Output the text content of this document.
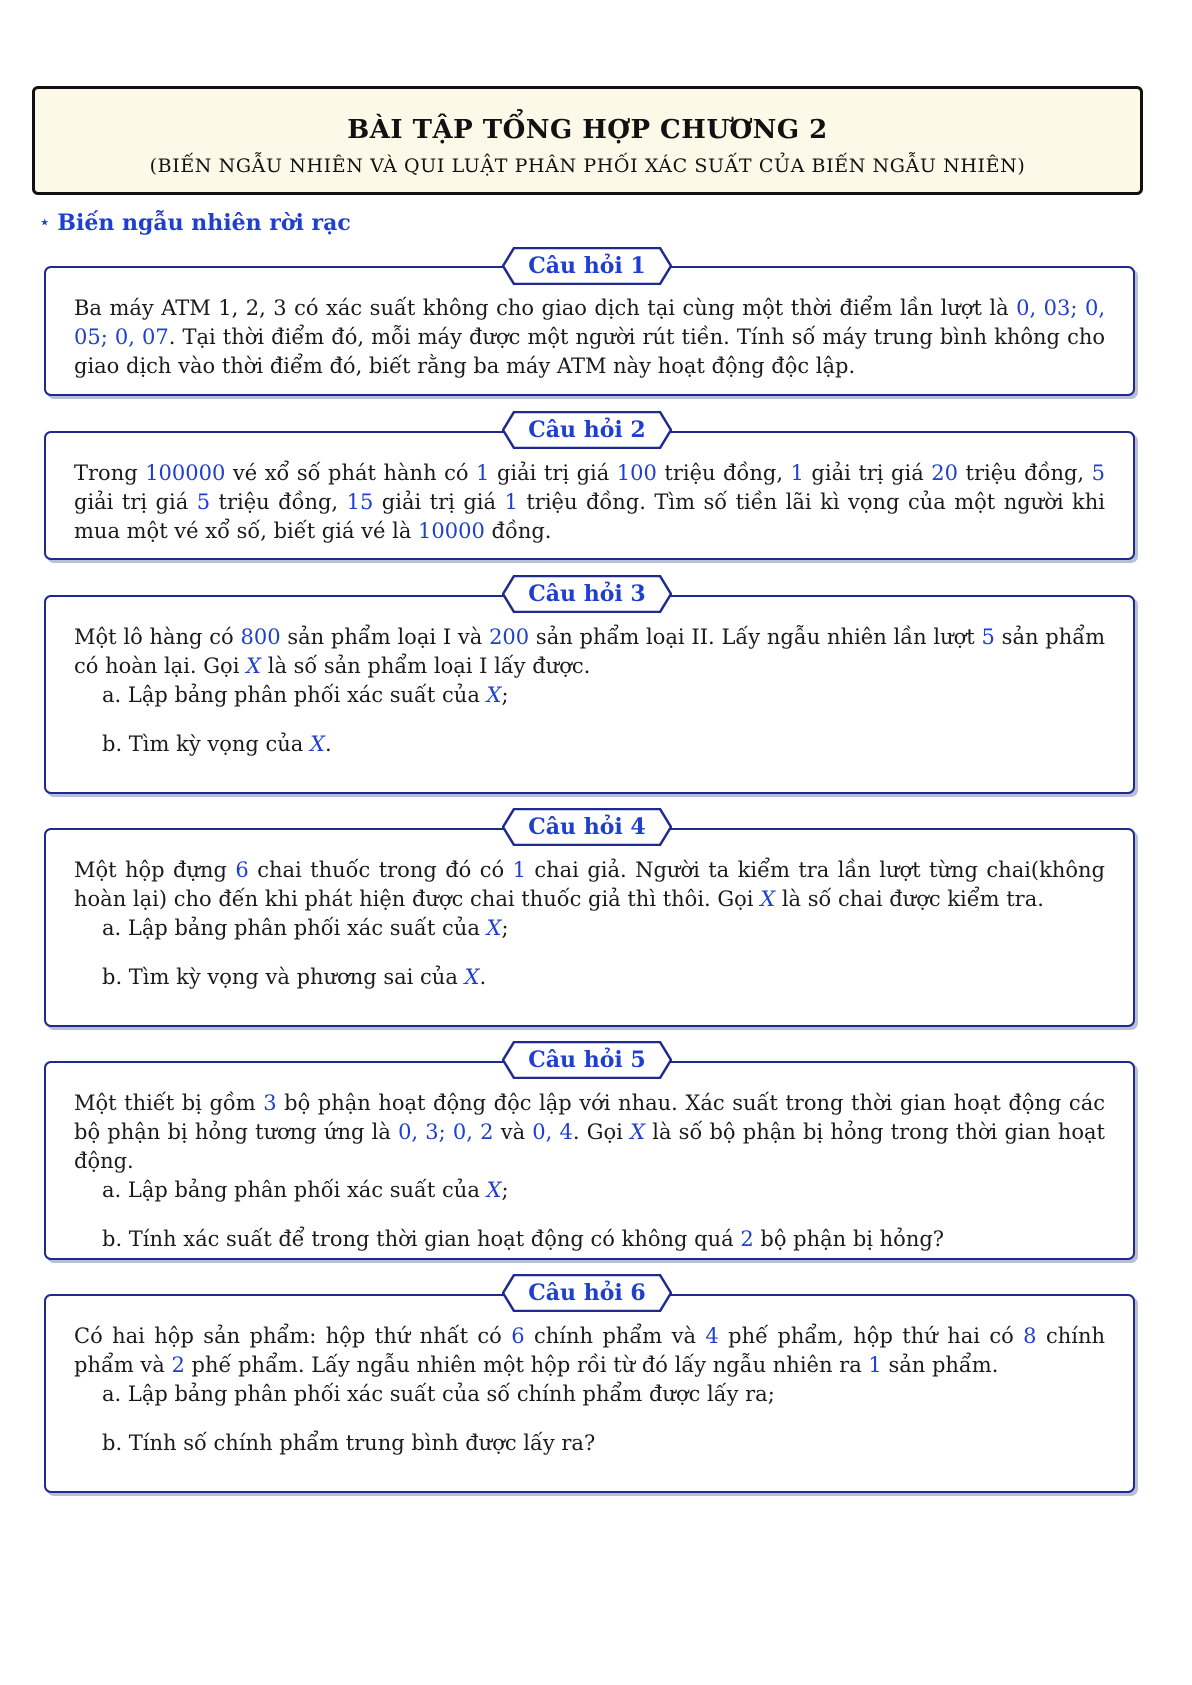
BÀI TẬP TỔNG HỢP CHƯƠNG 2
(BIẾN NGẪU NHIÊN VÀ QUI LUẬT PHÂN PHỐI XÁC SUẤT CỦA BIẾN NGẪU NHIÊN)
⋆ Biến ngẫu nhiên rời rạc

Ba máy ATM 1, 2, 3 có xác suất không cho giao dịch tại cùng một thời điểm lần lượt là 0, 03; 0, 05; 0, 07. Tại thời điểm đó, mỗi máy được một người rút tiền. Tính số máy trung bình không cho giao dịch vào thời điểm đó, biết rằng ba máy ATM này hoạt động độc lập.

Câu hỏi 1

Trong 100000 vé xổ số phát hành có 1 giải trị giá 100 triệu đồng, 1 giải trị giá 20 triệu đồng, 5 giải trị giá 5 triệu đồng, 15 giải trị giá 1 triệu đồng. Tìm số tiền lãi kì vọng của một người khi mua một vé xổ số, biết giá vé là 10000 đồng.

Câu hỏi 2

Một lô hàng có 800 sản phẩm loại I và 200 sản phẩm loại II. Lấy ngẫu nhiên lần lượt 5 sản phẩm có hoàn lại. Gọi X là số sản phẩm loại I lấy được.

a. Lập bảng phân phối xác suất của X;

b. Tìm kỳ vọng của X.

Câu hỏi 3

Một hộp đựng 6 chai thuốc trong đó có 1 chai giả. Người ta kiểm tra lần lượt từng chai(không hoàn lại) cho đến khi phát hiện được chai thuốc giả thì thôi. Gọi X là số chai được kiểm tra.

a. Lập bảng phân phối xác suất của X;

b. Tìm kỳ vọng và phương sai của X.

Câu hỏi 4

Một thiết bị gồm 3 bộ phận hoạt động độc lập với nhau. Xác suất trong thời gian hoạt động các bộ phận bị hỏng tương ứng là 0, 3; 0, 2 và 0, 4. Gọi X là số bộ phận bị hỏng trong thời gian hoạt động.

a. Lập bảng phân phối xác suất của X;

b. Tính xác suất để trong thời gian hoạt động có không quá 2 bộ phận bị hỏng?

Câu hỏi 5

Có hai hộp sản phẩm: hộp thứ nhất có 6 chính phẩm và 4 phế phẩm, hộp thứ hai có 8 chính phẩm và 2 phế phẩm. Lấy ngẫu nhiên một hộp rồi từ đó lấy ngẫu nhiên ra 1 sản phẩm.

a. Lập bảng phân phối xác suất của số chính phẩm được lấy ra;

b. Tính số chính phẩm trung bình được lấy ra?

Câu hỏi 6
